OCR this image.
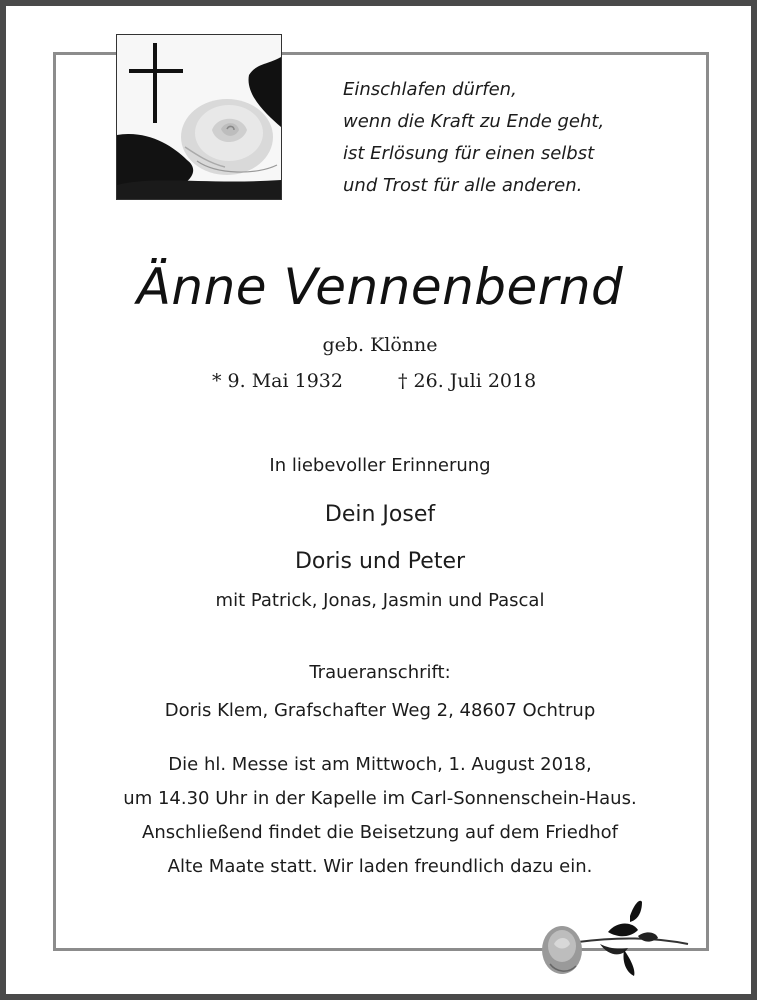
Einschlafen dürfen,
wenn die Kraft zu Ende geht,
ist Erlösung für einen selbst
und Trost für alle anderen.
Änne Vennenbernd
geb. Klönne
* 9. Mai 1932	† 26. Juli 2018
In liebevoller Erinnerung
Dein Josef
Doris und Peter
mit Patrick, Jonas, Jasmin und Pascal
Traueranschrift:
Doris Klem, Grafschafter Weg 2, 48607 Ochtrup
Die hl. Messe ist am Mittwoch, 1. August 2018,
um 14.30 Uhr in der Kapelle im Carl-Sonnenschein-Haus.
Anschließend findet die Beisetzung auf dem Friedhof
Alte Maate statt. Wir laden freundlich dazu ein.
